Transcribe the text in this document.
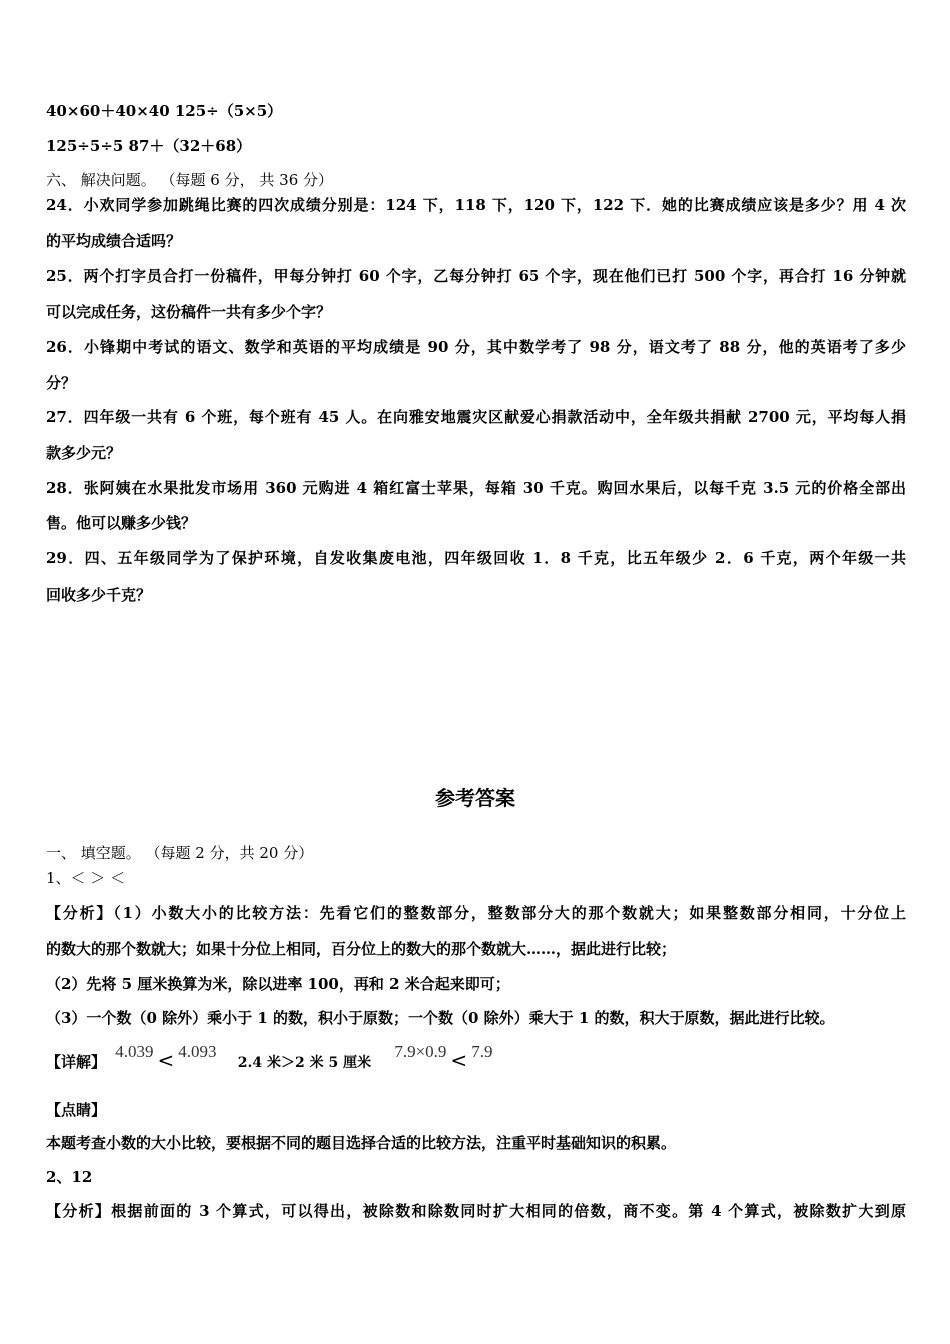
40×60＋40×40 125÷（5×5）
125÷5÷5 87＋（32＋68）
六、 解决问题。 （每题 6 分， 共 36 分）
24．小欢同学参加跳绳比赛的四次成绩分别是：124 下，118 下，120 下，122 下．她的比赛成绩应该是多少？用 4 次
的平均成绩合适吗？
25．两个打字员合打一份稿件，甲每分钟打 60 个字，乙每分钟打 65 个字，现在他们已打 500 个字，再合打 16 分钟就
可以完成任务，这份稿件一共有多少个字？
26．小锋期中考试的语文、数学和英语的平均成绩是 90 分，其中数学考了 98 分，语文考了 88 分，他的英语考了多少
分？
27．四年级一共有 6 个班，每个班有 45 人。在向雅安地震灾区献爱心捐款活动中，全年级共捐献 2700 元，平均每人捐
款多少元？
28．张阿姨在水果批发市场用 360 元购进 4 箱红富士苹果，每箱 30 千克。购回水果后，以每千克 3.5 元的价格全部出
售。他可以赚多少钱？
29．四、五年级同学为了保护环境，自发收集废电池，四年级回收 1．8 千克，比五年级少 2．6 千克，两个年级一共
回收多少千克？
参考答案
一、 填空题。 （每题 2 分，共 20 分）
1、＜ ＞ ＜
【分析】（1）小数大小的比较方法：先看它们的整数部分，整数部分大的那个数就大；如果整数部分相同，十分位上
的数大的那个数就大；如果十分位上相同，百分位上的数大的那个数就大……，据此进行比较；
（2）先将 5 厘米换算为米，除以进率 100，再和 2 米合起来即可；
（3）一个数（0 除外）乘小于 1 的数，积小于原数；一个数（0 除外）乘大于 1 的数，积大于原数，据此进行比较。
【详解】 4.039 < 4.093 2.4 米＞2 米 5 厘米 7.9×0.9 < 7.9
【点睛】
本题考查小数的大小比较，要根据不同的题目选择合适的比较方法，注重平时基础知识的积累。
2、12
【分析】根据前面的 3 个算式，可以得出，被除数和除数同时扩大相同的倍数，商不变。第 4 个算式，被除数扩大到原
